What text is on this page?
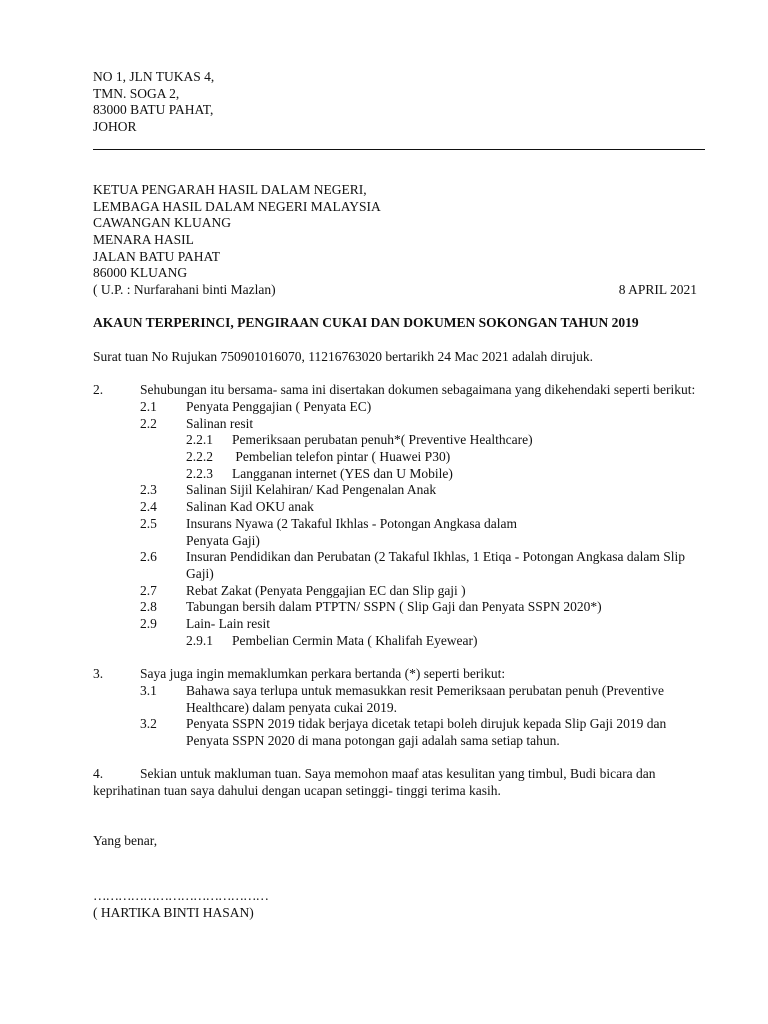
NO 1, JLN TUKAS 4,
TMN. SOGA 2,
83000 BATU PAHAT,
JOHOR
KETUA PENGARAH HASIL DALAM NEGERI,
LEMBAGA HASIL DALAM NEGERI MALAYSIA
CAWANGAN KLUANG
MENARA HASIL
JALAN BATU PAHAT
86000 KLUANG
( U.P. : Nurfarahani binti Mazlan)	8 APRIL 2021
AKAUN TERPERINCI, PENGIRAAN CUKAI DAN DOKUMEN SOKONGAN TAHUN 2019
Surat tuan No Rujukan 750901016070, 11216763020 bertarikh 24 Mac 2021 adalah dirujuk.
2.	Sehubungan itu bersama- sama ini disertakan dokumen sebagaimana yang dikehendaki seperti berikut:
2.1	Penyata Penggajian ( Penyata EC)
2.2	Salinan resit
2.2.1	Pemeriksaan perubatan penuh*( Preventive Healthcare)
2.2.2	Pembelian telefon pintar ( Huawei P30)
2.2.3	Langganan internet (YES dan U Mobile)
2.3	Salinan Sijil Kelahiran/ Kad Pengenalan Anak
2.4	Salinan Kad OKU anak
2.5	Insurans Nyawa (2 Takaful Ikhlas - Potongan Angkasa dalam
Penyata Gaji)
2.6	Insuran Pendidikan dan Perubatan (2 Takaful Ikhlas, 1 Etiqa - Potongan Angkasa dalam Slip Gaji)
2.7	Rebat Zakat (Penyata Penggajian EC dan Slip gaji )
2.8	Tabungan bersih dalam PTPTN/ SSPN ( Slip Gaji dan Penyata SSPN 2020*)
2.9	Lain- Lain resit
2.9.1	Pembelian Cermin Mata ( Khalifah Eyewear)
3.	Saya juga ingin memaklumkan perkara bertanda (*) seperti berikut:
3.1	Bahawa saya terlupa untuk memasukkan resit Pemeriksaan perubatan penuh (Preventive Healthcare) dalam penyata cukai 2019.
3.2	Penyata SSPN 2019 tidak berjaya dicetak tetapi boleh dirujuk kepada Slip Gaji 2019 dan Penyata SSPN 2020 di mana potongan gaji adalah sama setiap tahun.
4.	Sekian untuk makluman tuan. Saya memohon maaf atas kesulitan yang timbul, Budi bicara dan keprihatinan tuan saya dahului dengan ucapan setinggi- tinggi terima kasih.
Yang benar,
……………………………………
( HARTIKA BINTI HASAN)
